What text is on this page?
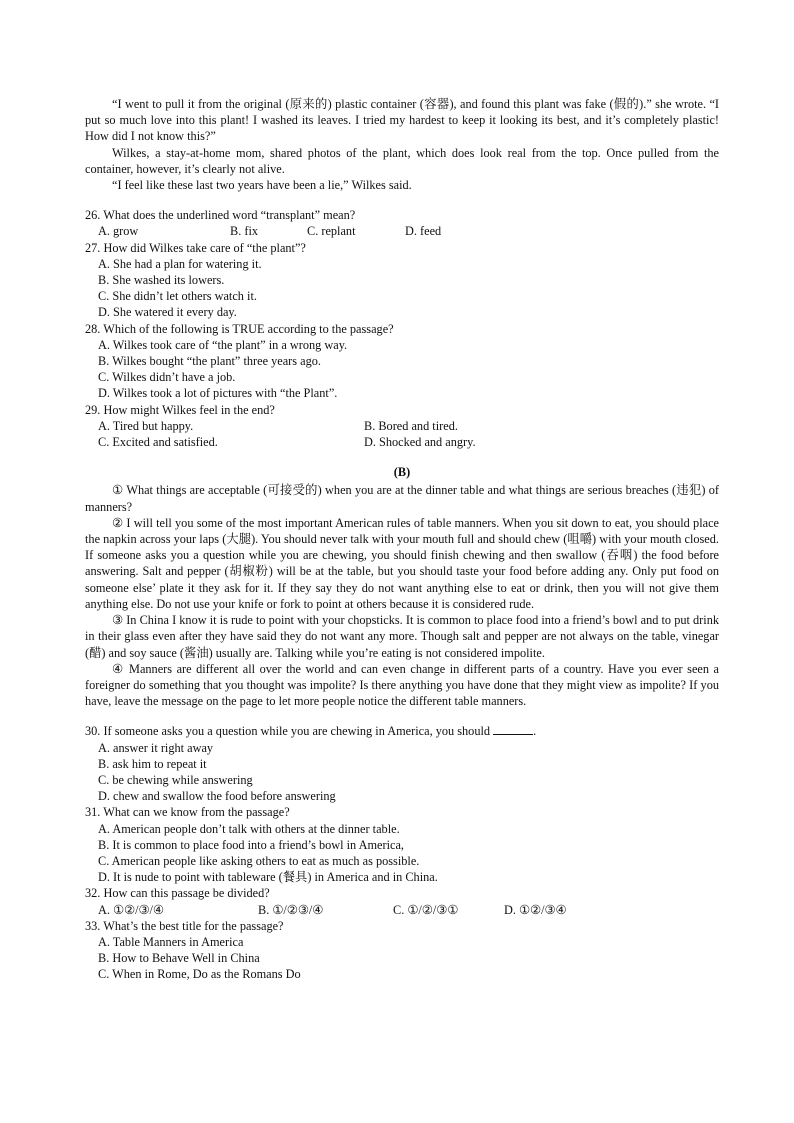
“I went to pull it from the original (原来的) plastic container (容器), and found this plant was fake (假的).” she wrote. “I put so much love into this plant! I washed its leaves. I tried my hardest to keep it looking its best, and it’s completely plastic! How did I not know this?”

Wilkes, a stay-at-home mom, shared photos of the plant, which does look real from the top. Once pulled from the container, however, it’s clearly not alive.

“I feel like these last two years have been a lie,” Wilkes said.

26. What does the underlined word “transplant” mean?

A. grow	B. fix	C. replant	D. feed

27. How did Wilkes take care of “the plant”?

A. She had a plan for watering it.

B. She washed its lowers.

C. She didn’t let others watch it.

D. She watered it every day.

28. Which of the following is TRUE according to the passage?

A. Wilkes took care of “the plant” in a wrong way.

B. Wilkes bought “the plant” three years ago.

C. Wilkes didn’t have a job.

D. Wilkes took a lot of pictures with “the Plant”.

29. How might Wilkes feel in the end?

A. Tired but happy.	B. Bored and tired.
C. Excited and satisfied.	D. Shocked and angry.
(B)

① What things are acceptable (可接受的) when you are at the dinner table and what things are serious breaches (违犯) of manners?

② I will tell you some of the most important American rules of table manners. When you sit down to eat, you should place the napkin across your laps (大腿). You should never talk with your mouth full and should chew (咀嚼) with your mouth closed. If someone asks you a question while you are chewing, you should finish chewing and then swallow (吞咽) the food before answering. Salt and pepper (胡椒粉) will be at the table, but you should taste your food before adding any. Only put food on someone else’ plate it they ask for it. If they say they do not want anything else to eat or drink, then you will not give them anything else. Do not use your knife or fork to point at others because it is considered rude.

③ In China I know it is rude to point with your chopsticks. It is common to place food into a friend’s bowl and to put drink in their glass even after they have said they do not want any more. Though salt and pepper are not always on the table, vinegar (醋) and soy sauce (酱油) usually are. Talking while you’re eating is not considered impolite.

④ Manners are different all over the world and can even change in different parts of a country. Have you ever seen a foreigner do something that you thought was impolite? Is there anything you have done that they might view as impolite? If you have, leave the message on the page to let more people notice the different table manners.

30. If someone asks you a question while you are chewing in America, you should	.

A. answer it right away

B. ask him to repeat it

C. be chewing while answering

D. chew and swallow the food before answering

31. What can we know from the passage?

A. American people don’t talk with others at the dinner table.

B. It is common to place food into a friend’s bowl in America,

C. American people like asking others to eat as much as possible.

D. It is nude to point with tableware (餐具) in America and in China.

32. How can this passage be divided?

A. ①②/③/④	B. ①/②③/④	C. ①/②/③①	D. ①②/③④

33. What’s the best title for the passage?

A. Table Manners in America

B. How to Behave Well in China

C. When in Rome, Do as the Romans Do
